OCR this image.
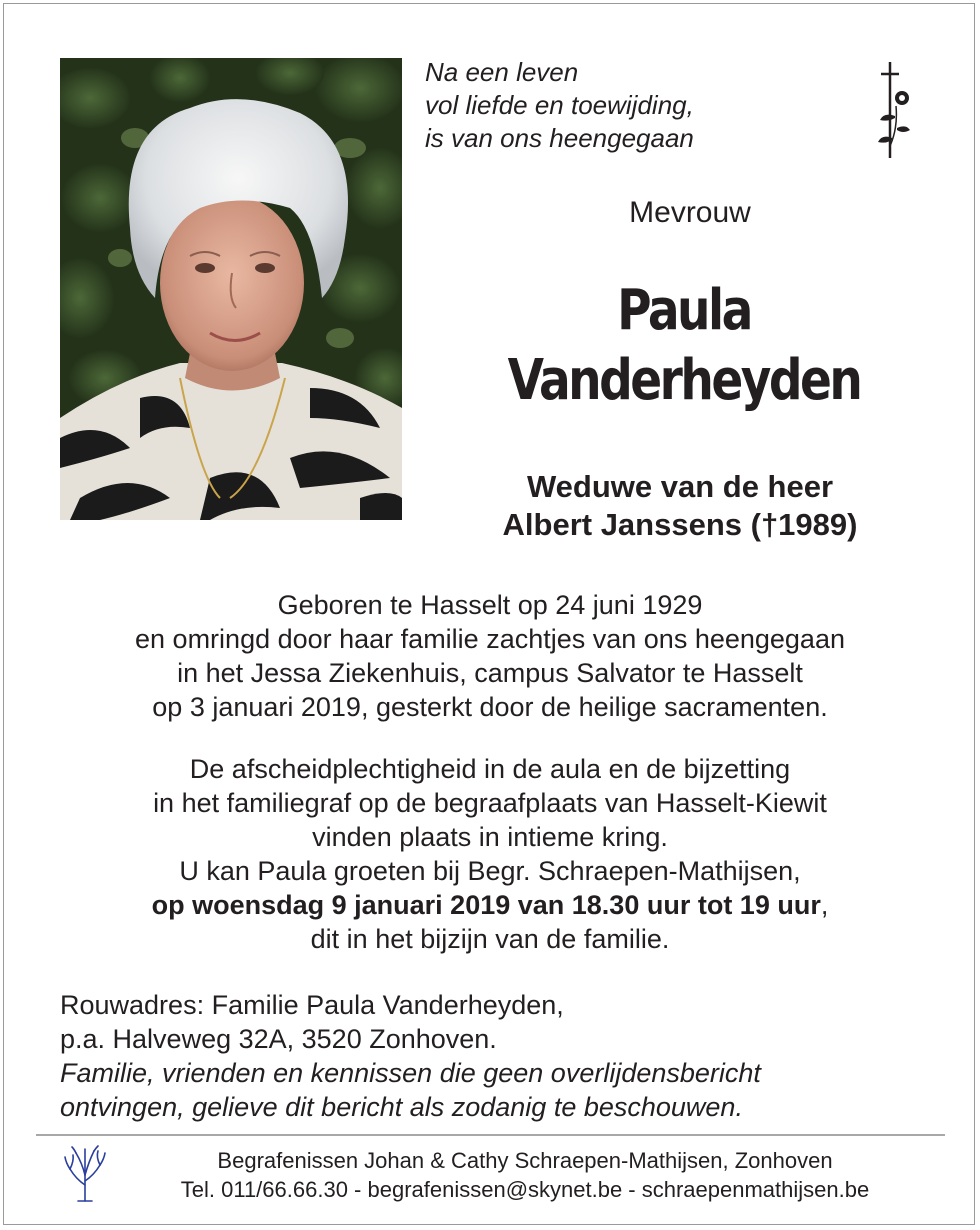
Na een leven
vol liefde en toewijding,
is van ons heengegaan
Mevrouw
Paula
Vanderheyden
Weduwe van de heer
Albert Janssens (†1989)
Geboren te Hasselt op 24 juni 1929
en omringd door haar familie zachtjes van ons heengegaan
in het Jessa Ziekenhuis, campus Salvator te Hasselt
op 3 januari 2019, gesterkt door de heilige sacramenten.
De afscheidplechtigheid in de aula en de bijzetting
in het familiegraf op de begraafplaats van Hasselt-Kiewit
vinden plaats in intieme kring.
U kan Paula groeten bij Begr. Schraepen-Mathijsen,
op woensdag 9 januari 2019 van 18.30 uur tot 19 uur,
dit in het bijzijn van de familie.
Rouwadres: Familie Paula Vanderheyden,
p.a. Halveweg 32A, 3520 Zonhoven.
Familie, vrienden en kennissen die geen overlijdensbericht
ontvingen, gelieve dit bericht als zodanig te beschouwen.
Begrafenissen Johan & Cathy Schraepen-Mathijsen, Zonhoven
Tel. 011/66.66.30 - begrafenissen@skynet.be - schraepenmathijsen.be
